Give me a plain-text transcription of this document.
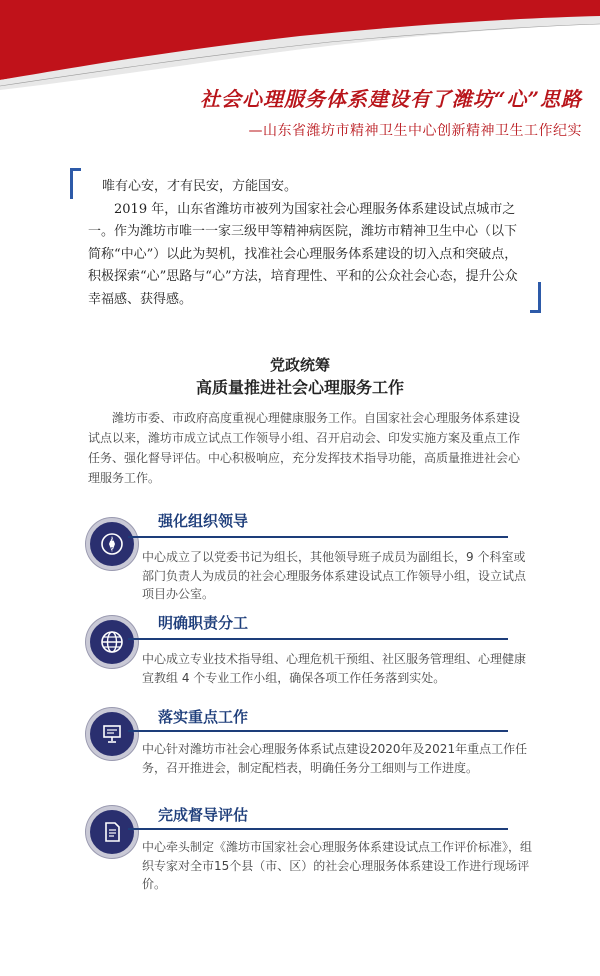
社会心理服务体系建设有了潍坊“心”思路
—山东省潍坊市精神卫生中心创新精神卫生工作纪实

唯有心安，才有民安，方能国安。

2019 年，山东省潍坊市被列为国家社会心理服务体系建设试点城市之一。作为潍坊市唯一一家三级甲等精神病医院，潍坊市精神卫生中心（以下简称“中心”）以此为契机，找准社会心理服务体系建设的切入点和突破点，积极探索“心”思路与“心”方法，培育理性、平和的公众社会心态，提升公众幸福感、获得感。

党政统筹
高质量推进社会心理服务工作

潍坊市委、市政府高度重视心理健康服务工作。自国家社会心理服务体系建设试点以来，潍坊市成立试点工作领导小组、召开启动会、印发实施方案及重点工作任务、强化督导评估。中心积极响应，充分发挥技术指导功能，高质量推进社会心理服务工作。

N
S
强化组织领导

中心成立了以党委书记为组长，其他领导班子成员为副组长，9 个科室或部门负责人为成员的社会心理服务体系建设试点工作领导小组，设立试点项目办公室。

明确职责分工

中心成立专业技术指导组、心理危机干预组、社区服务管理组、心理健康宣教组 4 个专业工作小组，确保各项工作任务落到实处。

落实重点工作

中心针对潍坊市社会心理服务体系试点建设2020年及2021年重点工作任务，召开推进会，制定配档表，明确任务分工细则与工作进度。

完成督导评估

中心牵头制定《潍坊市国家社会心理服务体系建设试点工作评价标准》，组织专家对全市15个县（市、区）的社会心理服务体系建设工作进行现场评价。
